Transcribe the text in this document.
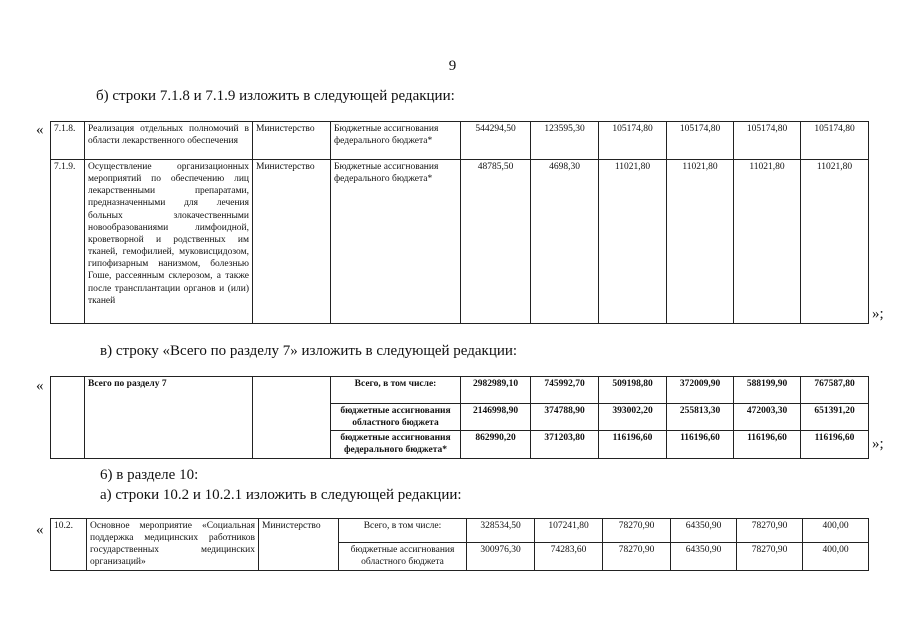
9
б) строки 7.1.8 и 7.1.9 изложить в следующей редакции:
« 7.1.8.	Реализация отдельных полномочий в области лекарственного обеспечения	Министерство	Бюджетные ассигнования федерального бюджета*	544294,50	123595,30	105174,80	105174,80	105174,80	105174,80
7.1.9.	Осуществление организационных мероприятий по обеспечению лиц лекарственными препаратами, предназначенными для лечения больных злокачественными новообразованиями лимфоидной, кроветворной и родственных им тканей, гемофилией, муковисцидозом, гипофизарным нанизмом, болезнью Гоше, рассеянным склерозом, а также после трансплантации органов и (или) тканей	Министерство	Бюджетные ассигнования федерального бюджета*	48785,50	4698,30	11021,80	11021,80	11021,80	11021,80
»;
в) строку «Всего по разделу 7» изложить в следующей редакции:
«
		Всего по разделу 7		Всего, в том числе:	2982989,10	745992,70	509198,80	372009,90	588199,90	767587,80
			бюджетные ассигнования областного бюджета	2146998,90	374788,90	393002,20	255813,30	472003,30	651391,20
			бюджетные ассигнования федерального бюджета*	862990,20	371203,80	116196,60	116196,60	116196,60	116196,60 »;
6) в разделе 10:
а) строки 10.2 и 10.2.1 изложить в следующей редакции:
« 10.2.	Основное мероприятие «Социальная поддержка медицинских работников государственных медицинских организаций»	Министерство	Всего, в том числе:	328534,50	107241,80	78270,90	64350,90	78270,90	400,00
			бюджетные ассигнования областного бюджета	300976,30	74283,60	78270,90	64350,90	78270,90	400,00
